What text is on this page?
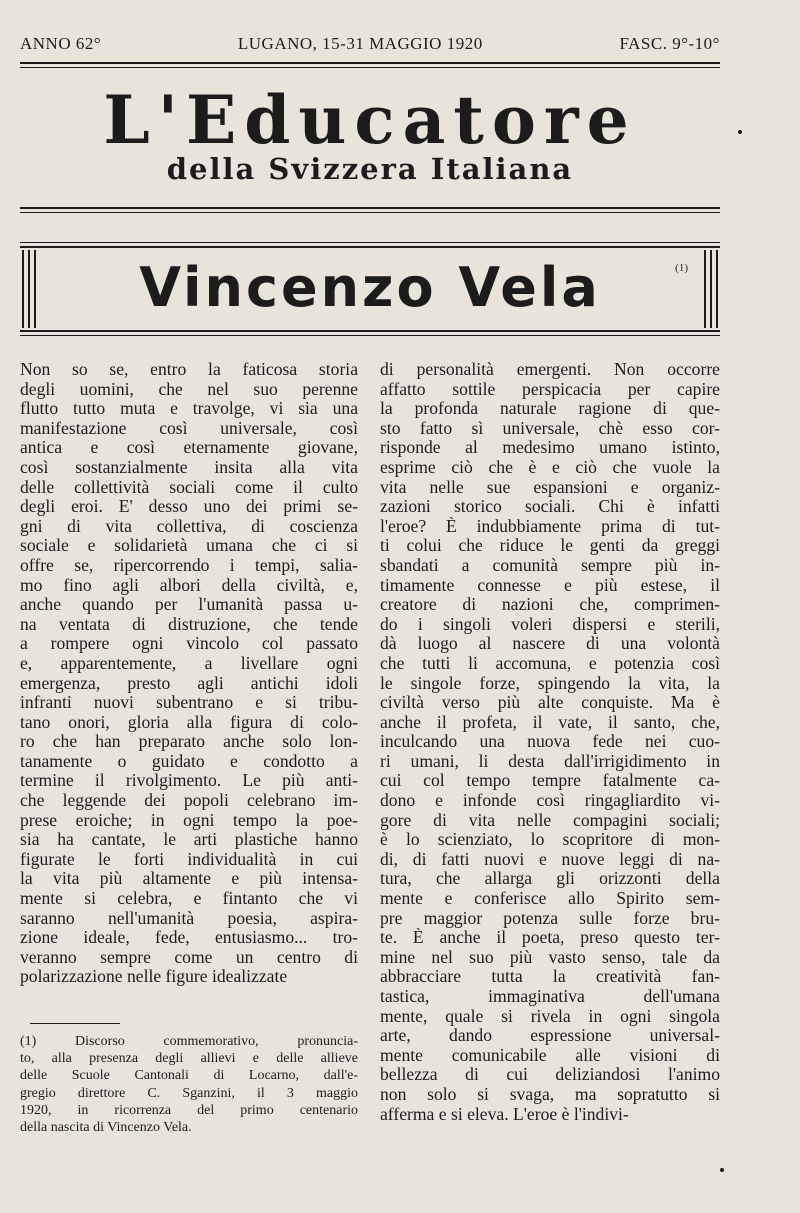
ANNO 62°	LUGANO, 15-31 MAGGIO 1920	FASC. 9°-10°
L'Educatore
della Svizzera Italiana
Vincenzo Vela	(1)
Non so se, entro la faticosa storia
degli uomini, che nel suo perenne
flutto tutto muta e travolge, vi sia una
manifestazione così universale, così
antica e così eternamente giovane,
così sostanzialmente insita alla vita
delle collettività sociali come il culto
degli eroi. E' desso uno dei primi se-
gni di vita collettiva, di coscienza
sociale e solidarietà umana che ci si
offre se, ripercorrendo i tempi, salia-
mo fino agli albori della civiltà, e,
anche quando per l'umanità passa u-
na ventata di distruzione, che tende
a rompere ogni vincolo col passato
e, apparentemente, a livellare ogni
emergenza, presto agli antichi idoli
infranti nuovi subentrano e si tribu-
tano onori, gloria alla figura di colo-
ro che han preparato anche solo lon-
tanamente o guidato e condotto a
termine il rivolgimento. Le più anti-
che leggende dei popoli celebrano im-
prese eroiche; in ogni tempo la poe-
sia ha cantate, le arti plastiche hanno
figurate le forti individualità in cui
la vita più altamente e più intensa-
mente si celebra, e fintanto che vi
saranno nell'umanità poesia, aspira-
zione ideale, fede, entusiasmo... tro-
veranno sempre come un centro di
polarizzazione nelle figure idealizzate
di personalità emergenti. Non occorre
affatto sottile perspicacia per capire
la profonda naturale ragione di que-
sto fatto sì universale, chè esso cor-
risponde al medesimo umano istinto,
esprime ciò che è e ciò che vuole la
vita nelle sue espansioni e organiz-
zazioni storico sociali. Chi è infatti
l'eroe? È indubbiamente prima di tut-
ti colui che riduce le genti da greggi
sbandati a comunità sempre più in-
timamente connesse e più estese, il
creatore di nazioni che, comprimen-
do i singoli voleri dispersi e sterili,
dà luogo al nascere di una volontà
che tutti li accomuna, e potenzia così
le singole forze, spingendo la vita, la
civiltà verso più alte conquiste. Ma è
anche il profeta, il vate, il santo, che,
inculcando una nuova fede nei cuo-
ri umani, li desta dall'irrigidimento in
cui col tempo tempre fatalmente ca-
dono e infonde così ringagliardito vi-
gore di vita nelle compagini sociali;
è lo scienziato, lo scopritore di mon-
di, di fatti nuovi e nuove leggi di na-
tura, che allarga gli orizzonti della
mente e conferisce allo Spirito sem-
pre maggior potenza sulle forze bru-
te. È anche il poeta, preso questo ter-
mine nel suo più vasto senso, tale da
abbracciare tutta la creatività fan-
tastica, immaginativa dell'umana
mente, quale si rivela in ogni singola
arte, dando espressione universal-
mente comunicabile alle visioni di
bellezza di cui deliziandosi l'animo
non solo si svaga, ma sopratutto si
afferma e si eleva. L'eroe è l'indivi-
(1) Discorso commemorativo, pronuncia-
to, alla presenza degli allievi e delle allieve
delle Scuole Cantonali di Locarno, dall'e-
gregio direttore C. Sganzini, il 3 maggio
1920, in ricorrenza del primo centenario
della nascita di Vincenzo Vela.
